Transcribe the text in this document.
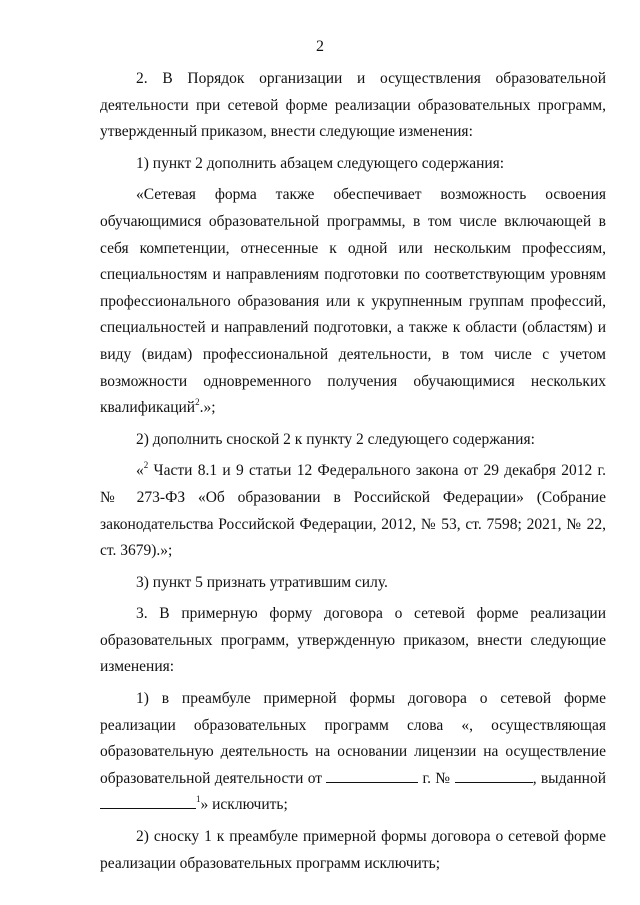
2

2. В Порядок организации и осуществления образовательной деятельности при сетевой форме реализации образовательных программ, утвержденный приказом, внести следующие изменения:

1) пункт 2 дополнить абзацем следующего содержания:

«Сетевая форма также обеспечивает возможность освоения обучающимися образовательной программы, в том числе включающей в себя компетенции, отнесенные к одной или нескольким профессиям, специальностям и направлениям подготовки по соответствующим уровням профессионального образования или к укрупненным группам профессий, специальностей и направлений подготовки, а также к области (областям) и виду (видам) профессиональной деятельности, в том числе с учетом возможности одновременного получения обучающимися нескольких квалификаций$^2$.»;

2) дополнить сноской 2 к пункту 2 следующего содержания:

«$^2$ Части 8.1 и 9 статьи 12 Федерального закона от 29 декабря 2012 г. № 273-ФЗ «Об образовании в Российской Федерации» (Собрание законодательства Российской Федерации, 2012, № 53, ст. 7598; 2021, № 22, ст. 3679).»;

3) пункт 5 признать утратившим силу.

3. В примерную форму договора о сетевой форме реализации образовательных программ, утвержденную приказом, внести следующие изменения:

1) в преамбуле примерной формы договора о сетевой форме реализации образовательных программ слова «, осуществляющая образовательную деятельность на основании лицензии на осуществление образовательной деятельности от	г. №	, выданной $^1$» исключить;

2) сноску 1 к преамбуле примерной формы договора о сетевой форме реализации образовательных программ исключить;
